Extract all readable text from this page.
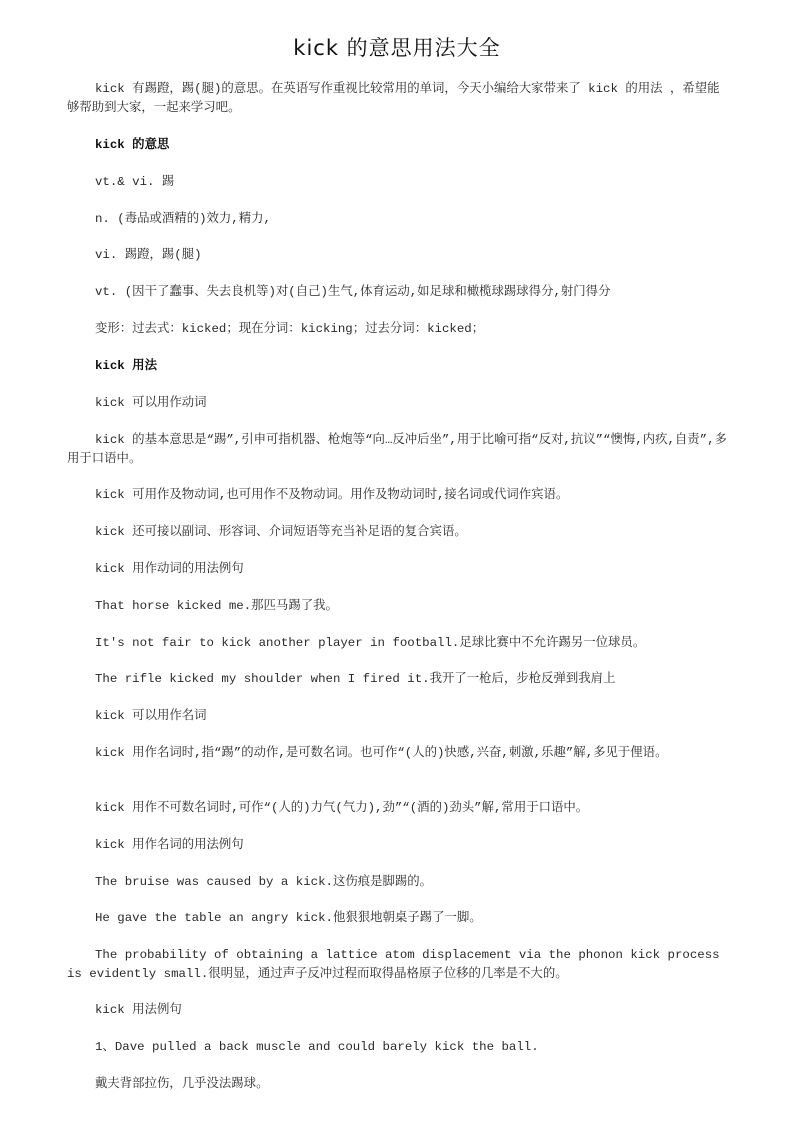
kick 的意思用法大全
kick 有踢蹬，踢(腿)的意思。在英语写作重视比较常用的单词，今天小编给大家带来了 kick 的用法 ，希望能够帮助到大家，一起来学习吧。
kick 的意思
vt.& vi. 踢
n. (毒品或酒精的)效力,精力,
vi. 踢蹬，踢(腿)
vt. (因干了蠢事、失去良机等)对(自己)生气,体育运动,如足球和橄榄球踢球得分,射门得分
变形：过去式：kicked；现在分词：kicking；过去分词：kicked；
kick 用法
kick 可以用作动词
kick 的基本意思是“踢”,引申可指机器、枪炮等“向…反冲后坐”,用于比喻可指“反对,抗议”“懊悔,内疚,自责”,多用于口语中。
kick 可用作及物动词,也可用作不及物动词。用作及物动词时,接名词或代词作宾语。
kick 还可接以副词、形容词、介词短语等充当补足语的复合宾语。
kick 用作动词的用法例句
That horse kicked me.那匹马踢了我。
It's not fair to kick another player in football.足球比赛中不允许踢另一位球员。
The rifle kicked my shoulder when I fired it.我开了一枪后，步枪反弹到我肩上
kick 可以用作名词
kick 用作名词时,指“踢”的动作,是可数名词。也可作“(人的)快感,兴奋,刺激,乐趣”解,多见于俚语。
kick 用作不可数名词时,可作“(人的)力气(气力),劲”“(酒的)劲头”解,常用于口语中。
kick 用作名词的用法例句
The bruise was caused by a kick.这伤痕是脚踢的。
He gave the table an angry kick.他狠狠地朝桌子踢了一脚。
The probability of obtaining a lattice atom displacement via the phonon kick process is evidently small.很明显，通过声子反冲过程而取得晶格原子位移的几率是不大的。
kick 用法例句
1、Dave pulled a back muscle and could barely kick the ball.
戴夫背部拉伤，几乎没法踢球。
